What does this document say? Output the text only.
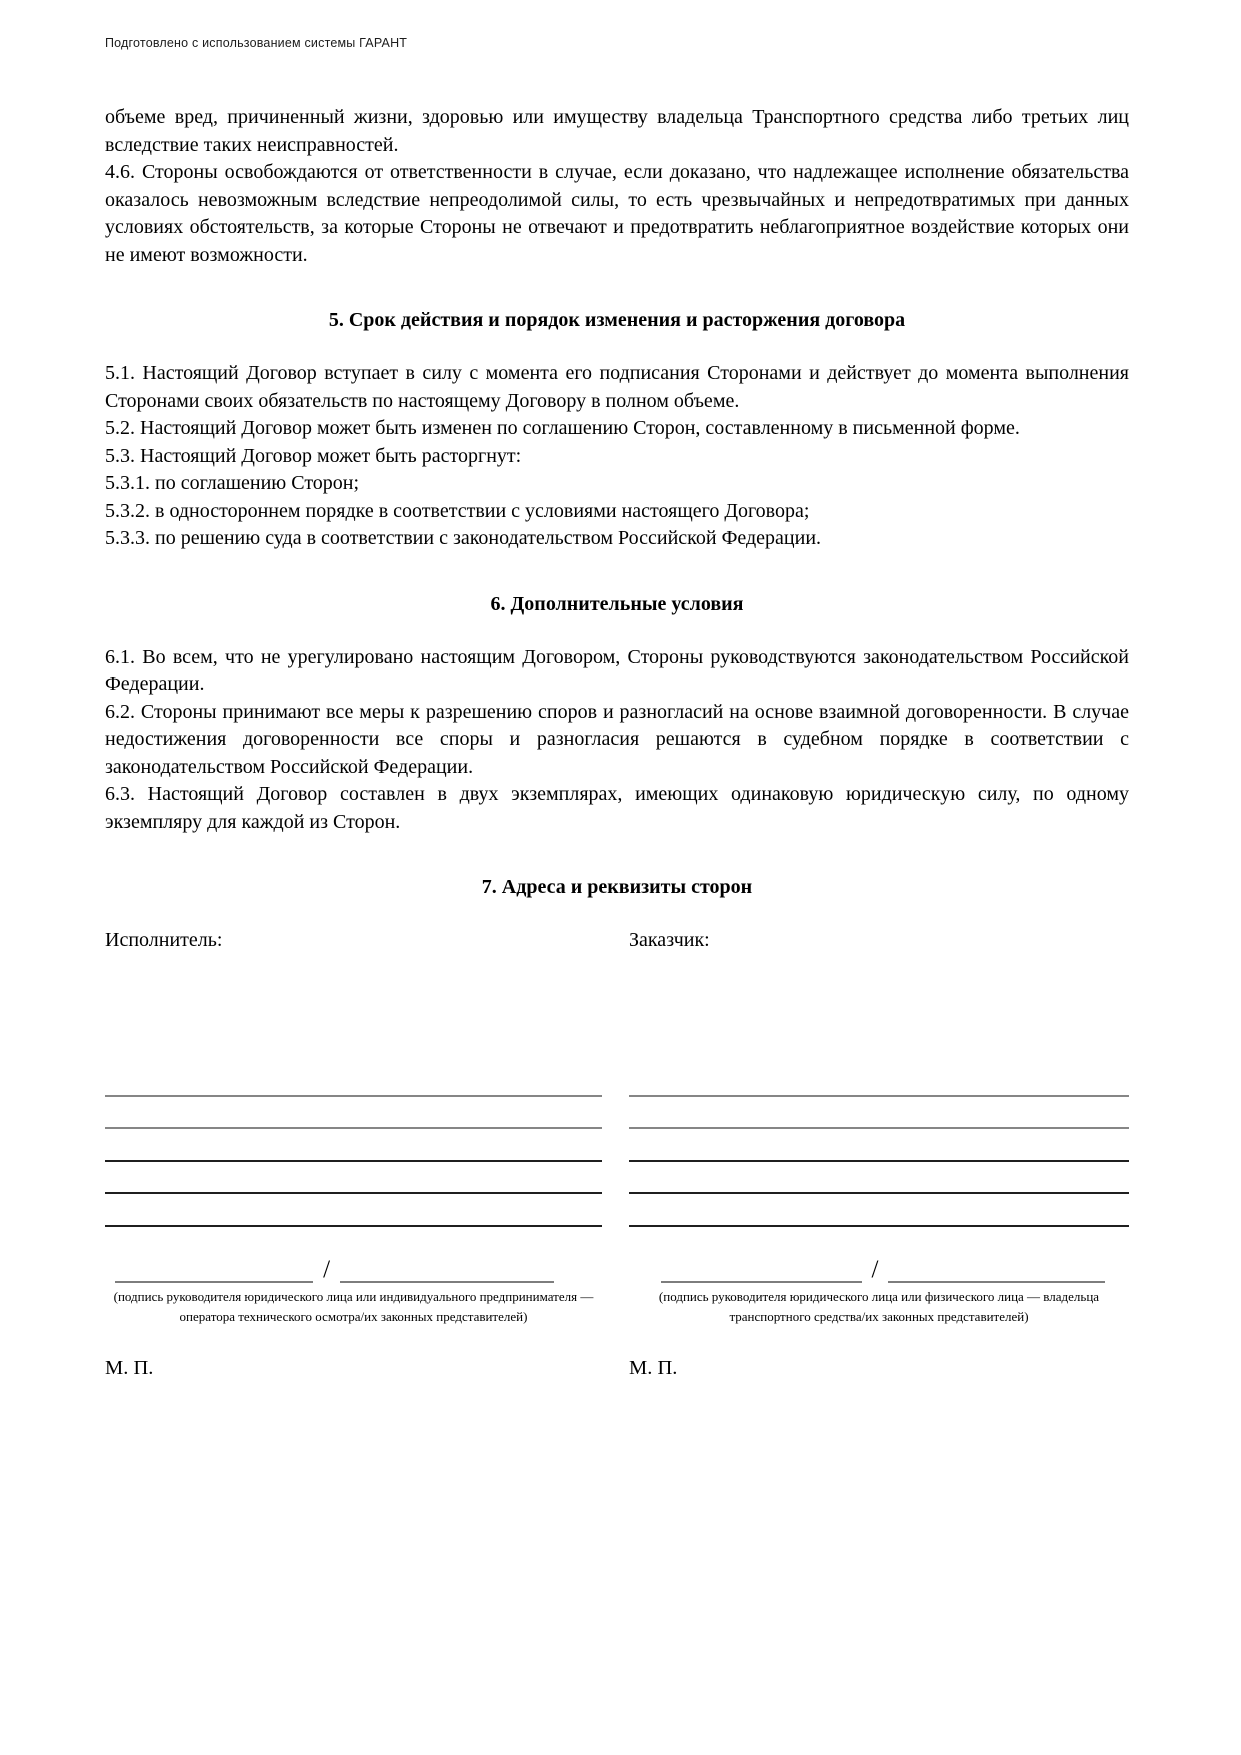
Подготовлено с использованием системы ГАРАНТ

объеме вред, причиненный жизни, здоровью или имуществу владельца Транспортного средства либо третьих лиц вследствие таких неисправностей.

4.6. Стороны освобождаются от ответственности в случае, если доказано, что надлежащее исполнение обязательства оказалось невозможным вследствие непреодолимой силы, то есть чрезвычайных и непредотвратимых при данных условиях обстоятельств, за которые Стороны не отвечают и предотвратить неблагоприятное воздействие которых они не имеют возможности.

5. Срок действия и порядок изменения и расторжения договора

5.1. Настоящий Договор вступает в силу с момента его подписания Сторонами и действует до момента выполнения Сторонами своих обязательств по настоящему Договору в полном объеме.

5.2. Настоящий Договор может быть изменен по соглашению Сторон, составленному в письменной форме.

5.3. Настоящий Договор может быть расторгнут:

5.3.1. по соглашению Сторон;

5.3.2. в одностороннем порядке в соответствии с условиями настоящего Договора;

5.3.3. по решению суда в соответствии с законодательством Российской Федерации.

6. Дополнительные условия

6.1. Во всем, что не урегулировано настоящим Договором, Стороны руководствуются законодательством Российской Федерации.

6.2. Стороны принимают все меры к разрешению споров и разногласий на основе взаимной договоренности. В случае недостижения договоренности все споры и разногласия решаются в судебном порядке в соответствии с законодательством Российской Федерации.

6.3. Настоящий Договор составлен в двух экземплярах, имеющих одинаковую юридическую силу, по одному экземпляру для каждой из Сторон.

7. Адреса и реквизиты сторон
Исполнитель:
/
(подпись руководителя юридического лица или индивидуального предпринимателя — оператора технического осмотра/их законных представителей)
М. П.
Заказчик:
/
(подпись руководителя юридического лица или физического лица — владельца транспортного средства/их законных представителей)
М. П.
